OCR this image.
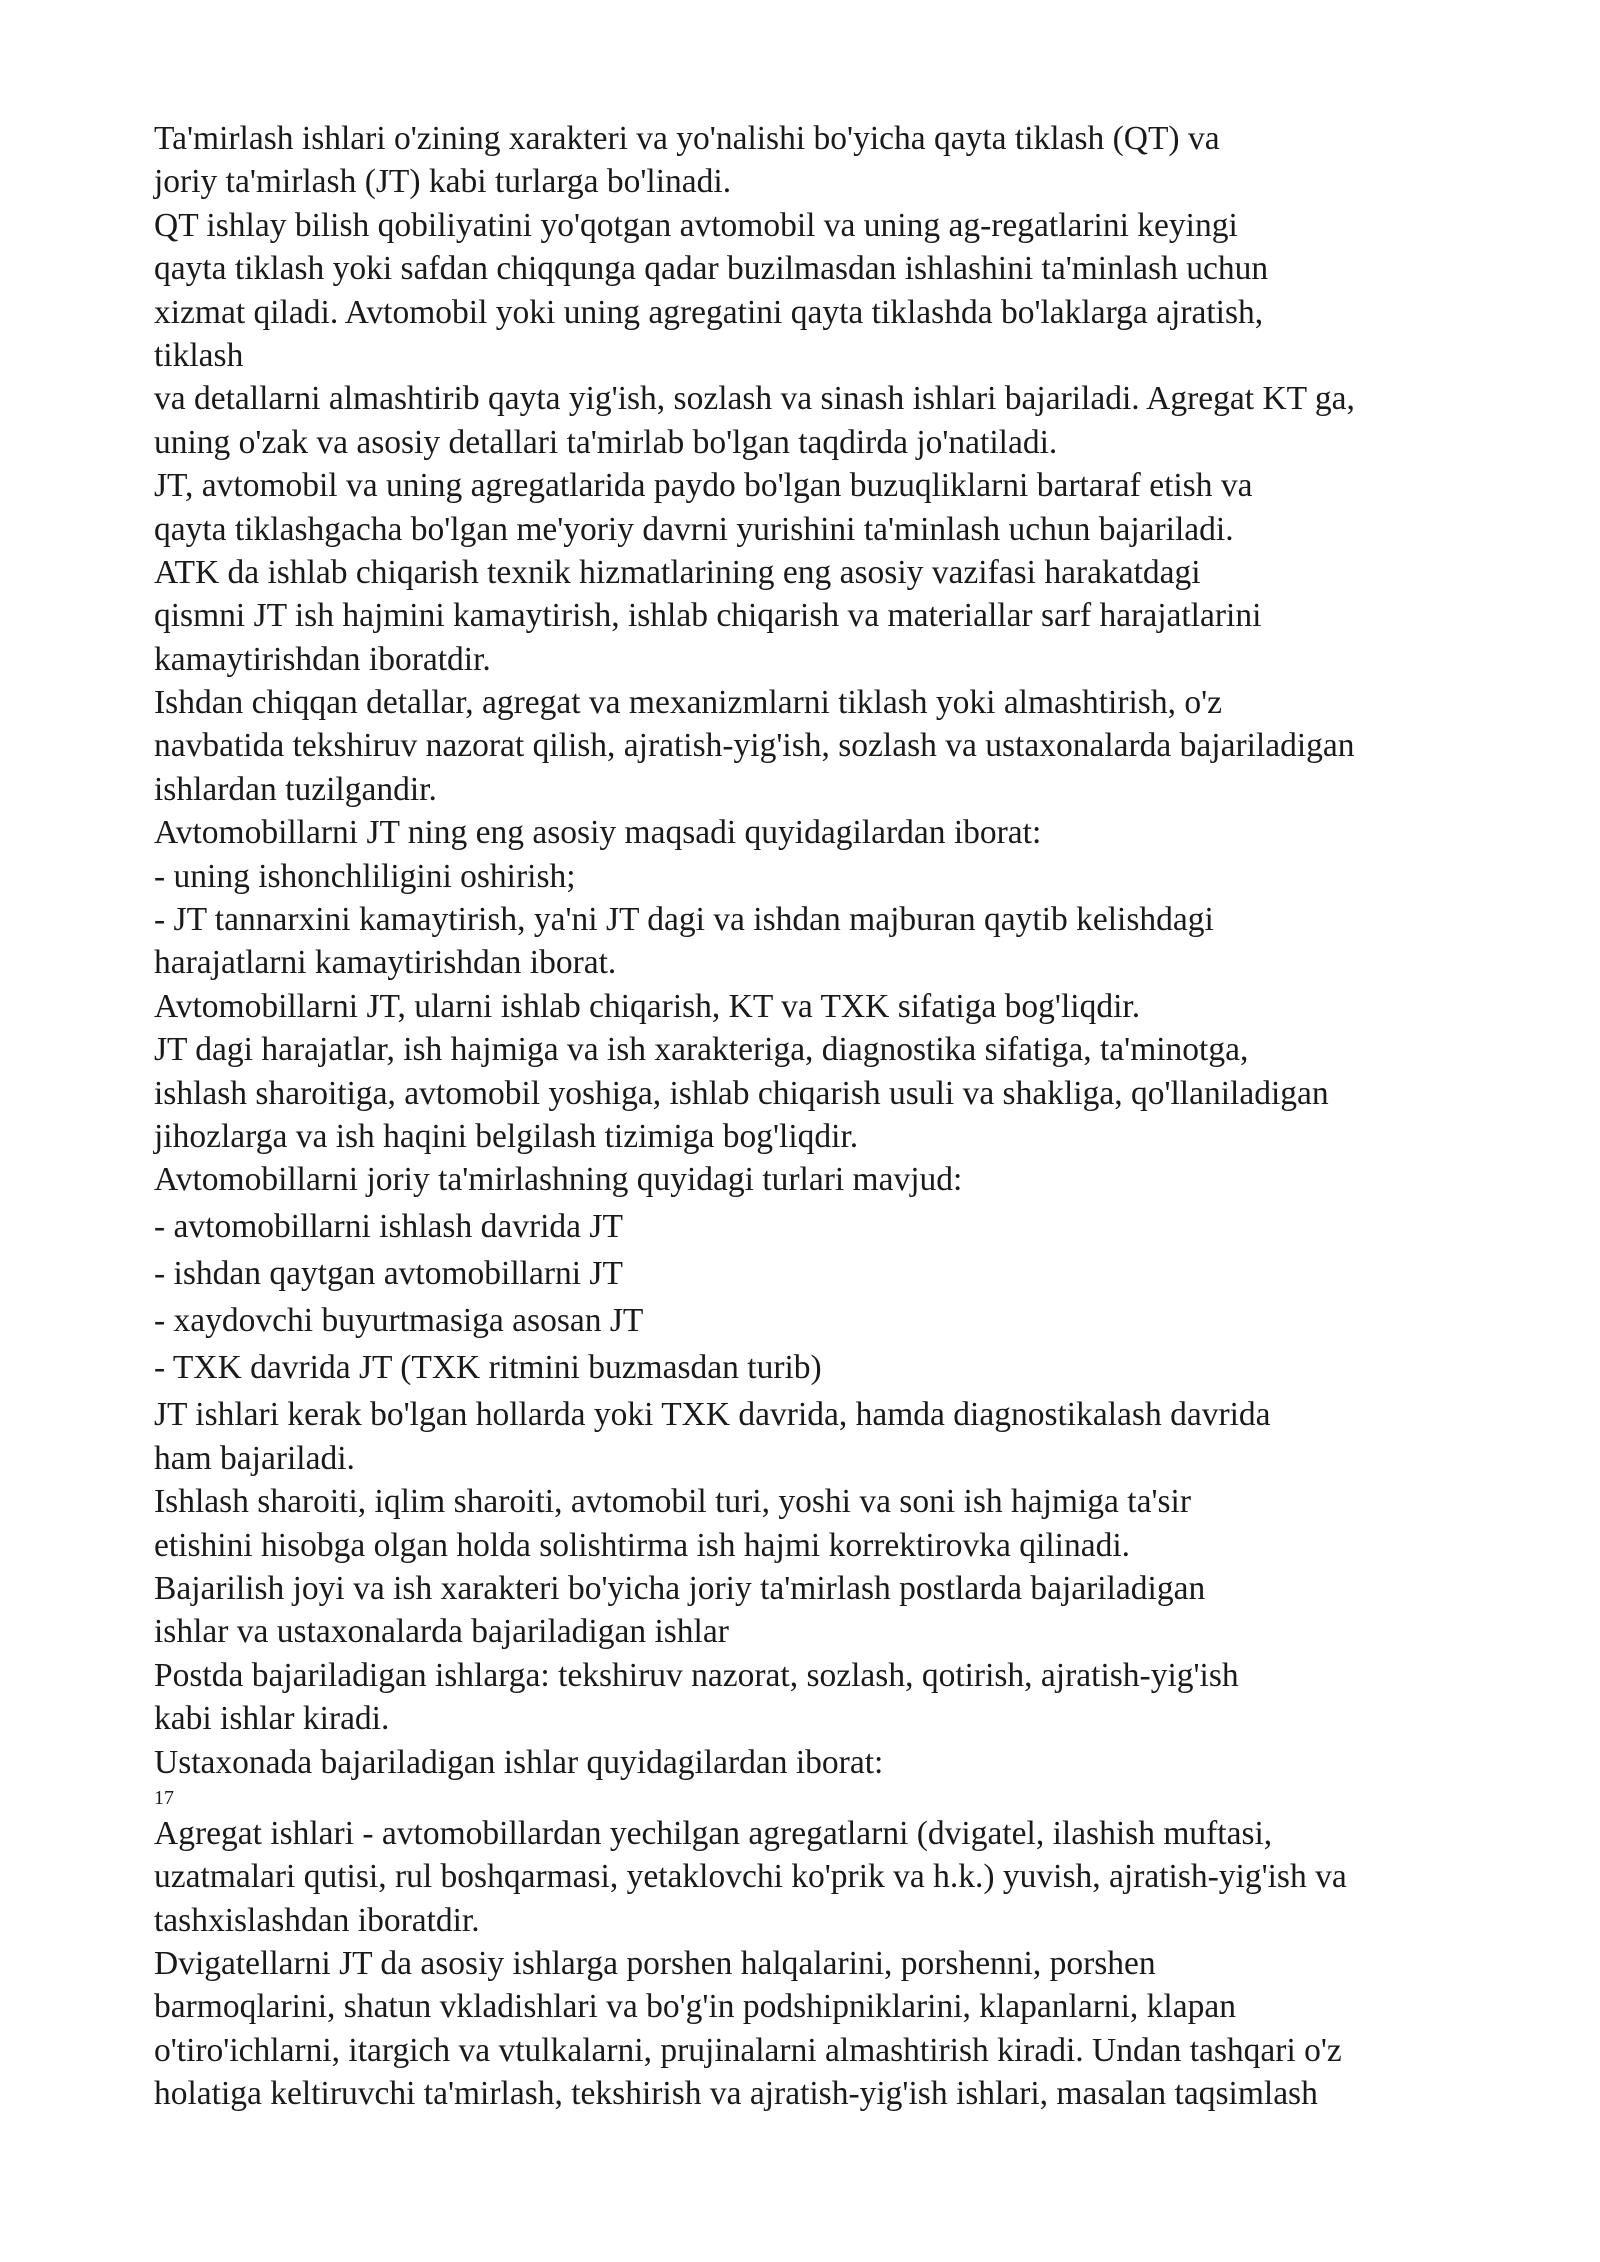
Ta'mirlash ishlari o'zining xarakteri va yo'nalishi bo'yicha qayta tiklash (QT) va
joriy ta'mirlash (JT) kabi turlarga bo'linadi.
QT ishlay bilish qobiliyatini yo'qotgan avtomobil va uning ag-regatlarini keyingi
qayta tiklash yoki safdan chiqqunga qadar buzilmasdan ishlashini ta'minlash uchun
xizmat qiladi. Avtomobil yoki uning agregatini qayta tiklashda bo'laklarga ajratish,
tiklash
va detallarni almashtirib qayta yig'ish, sozlash va sinash ishlari bajariladi. Agregat KT ga,
uning o'zak va asosiy detallari ta'mirlab bo'lgan taqdirda jo'natiladi.
JT, avtomobil va uning agregatlarida paydo bo'lgan buzuqliklarni bartaraf etish va
qayta tiklashgacha bo'lgan me'yoriy davrni yurishini ta'minlash uchun bajariladi.
ATK da ishlab chiqarish texnik hizmatlarining eng asosiy vazifasi harakatdagi
qismni JT ish hajmini kamaytirish, ishlab chiqarish va materiallar sarf harajatlarini
kamaytirishdan iboratdir.
Ishdan chiqqan detallar, agregat va mexanizmlarni tiklash yoki almashtirish, o'z
navbatida tekshiruv nazorat qilish, ajratish-yig'ish, sozlash va ustaxonalarda bajariladigan
ishlardan tuzilgandir.
Avtomobillarni JT ning eng asosiy maqsadi quyidagilardan iborat:
- uning ishonchliligini oshirish;
- JT tannarxini kamaytirish, ya'ni JT dagi va ishdan majburan qaytib kelishdagi
harajatlarni kamaytirishdan iborat.
Avtomobillarni JT, ularni ishlab chiqarish, KT va TXK sifatiga bog'liqdir.
JT dagi harajatlar, ish hajmiga va ish xarakteriga, diagnostika sifatiga, ta'minotga,
ishlash sharoitiga, avtomobil yoshiga, ishlab chiqarish usuli va shakliga, qo'llaniladigan
jihozlarga va ish haqini belgilash tizimiga bog'liqdir.
Avtomobillarni joriy ta'mirlashning quyidagi turlari mavjud:
- avtomobillarni ishlash davrida JT
- ishdan qaytgan avtomobillarni JT
- xaydovchi buyurtmasiga asosan JT
- TXK davrida JT (TXK ritmini buzmasdan turib)
JT ishlari kerak bo'lgan hollarda yoki TXK davrida, hamda diagnostikalash davrida
ham bajariladi.
Ishlash sharoiti, iqlim sharoiti, avtomobil turi, yoshi va soni ish hajmiga ta'sir
etishini hisobga olgan holda solishtirma ish hajmi korrektirovka qilinadi.
Bajarilish joyi va ish xarakteri bo'yicha joriy ta'mirlash postlarda bajariladigan
ishlar va ustaxonalarda bajariladigan ishlar
Postda bajariladigan ishlarga: tekshiruv nazorat, sozlash, qotirish, ajratish-yig'ish
kabi ishlar kiradi.
Ustaxonada bajariladigan ishlar quyidagilardan iborat:
17
Agregat ishlari - avtomobillardan yechilgan agregatlarni (dvigatel, ilashish muftasi,
uzatmalari qutisi, rul boshqarmasi, yetaklovchi ko'prik va h.k.) yuvish, ajratish-yig'ish va
tashxislashdan iboratdir.
Dvigatellarni JT da asosiy ishlarga porshen halqalarini, porshenni, porshen
barmoqlarini, shatun vkladishlari va bo'g'in podshipniklarini, klapanlarni, klapan
o'tiro'ichlarni, itargich va vtulkalarni, prujinalarni almashtirish kiradi. Undan tashqari o'z
holatiga keltiruvchi ta'mirlash, tekshirish va ajratish-yig'ish ishlari, masalan taqsimlash
